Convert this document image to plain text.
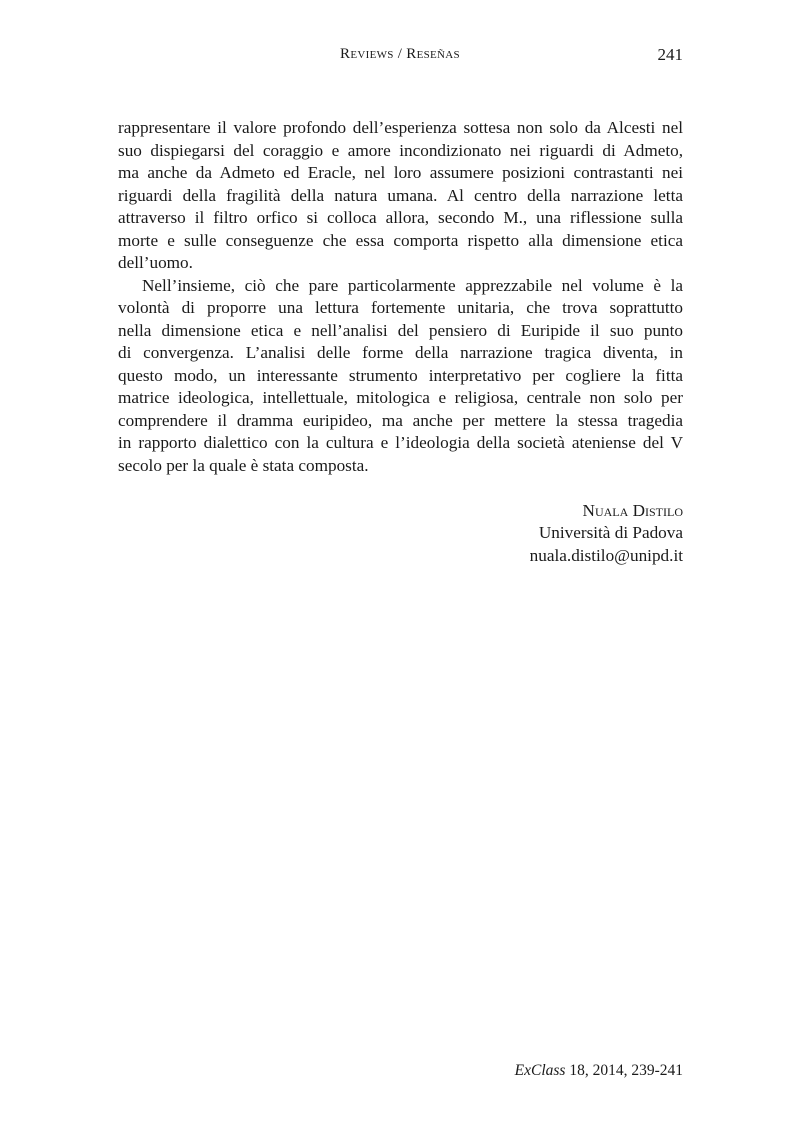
Reviews / Reseñas	241
rappresentare il valore profondo dell’esperienza sottesa non solo da Alcesti nel
suo dispiegarsi del coraggio e amore incondizionato nei riguardi di Admeto,
ma anche da Admeto ed Eracle, nel loro assumere posizioni contrastanti nei
riguardi della fragilità della natura umana. Al centro della narrazione letta
attraverso il filtro orfico si colloca allora, secondo M., una riflessione sulla
morte e sulle conseguenze che essa comporta rispetto alla dimensione etica
dell’uomo.
Nell’insieme, ciò che pare particolarmente apprezzabile nel volume è la
volontà di proporre una lettura fortemente unitaria, che trova soprattutto
nella dimensione etica e nell’analisi del pensiero di Euripide il suo punto
di convergenza. L’analisi delle forme della narrazione tragica diventa, in
questo modo, un interessante strumento interpretativo per cogliere la fitta
matrice ideologica, intellettuale, mitologica e religiosa, centrale non solo per
comprendere il dramma euripideo, ma anche per mettere la stessa tragedia
in rapporto dialettico con la cultura e l’ideologia della società ateniense del V
secolo per la quale è stata composta.
Nuala Distilo
Università di Padova
nuala.distilo@unipd.it
ExClass 18, 2014, 239-241
